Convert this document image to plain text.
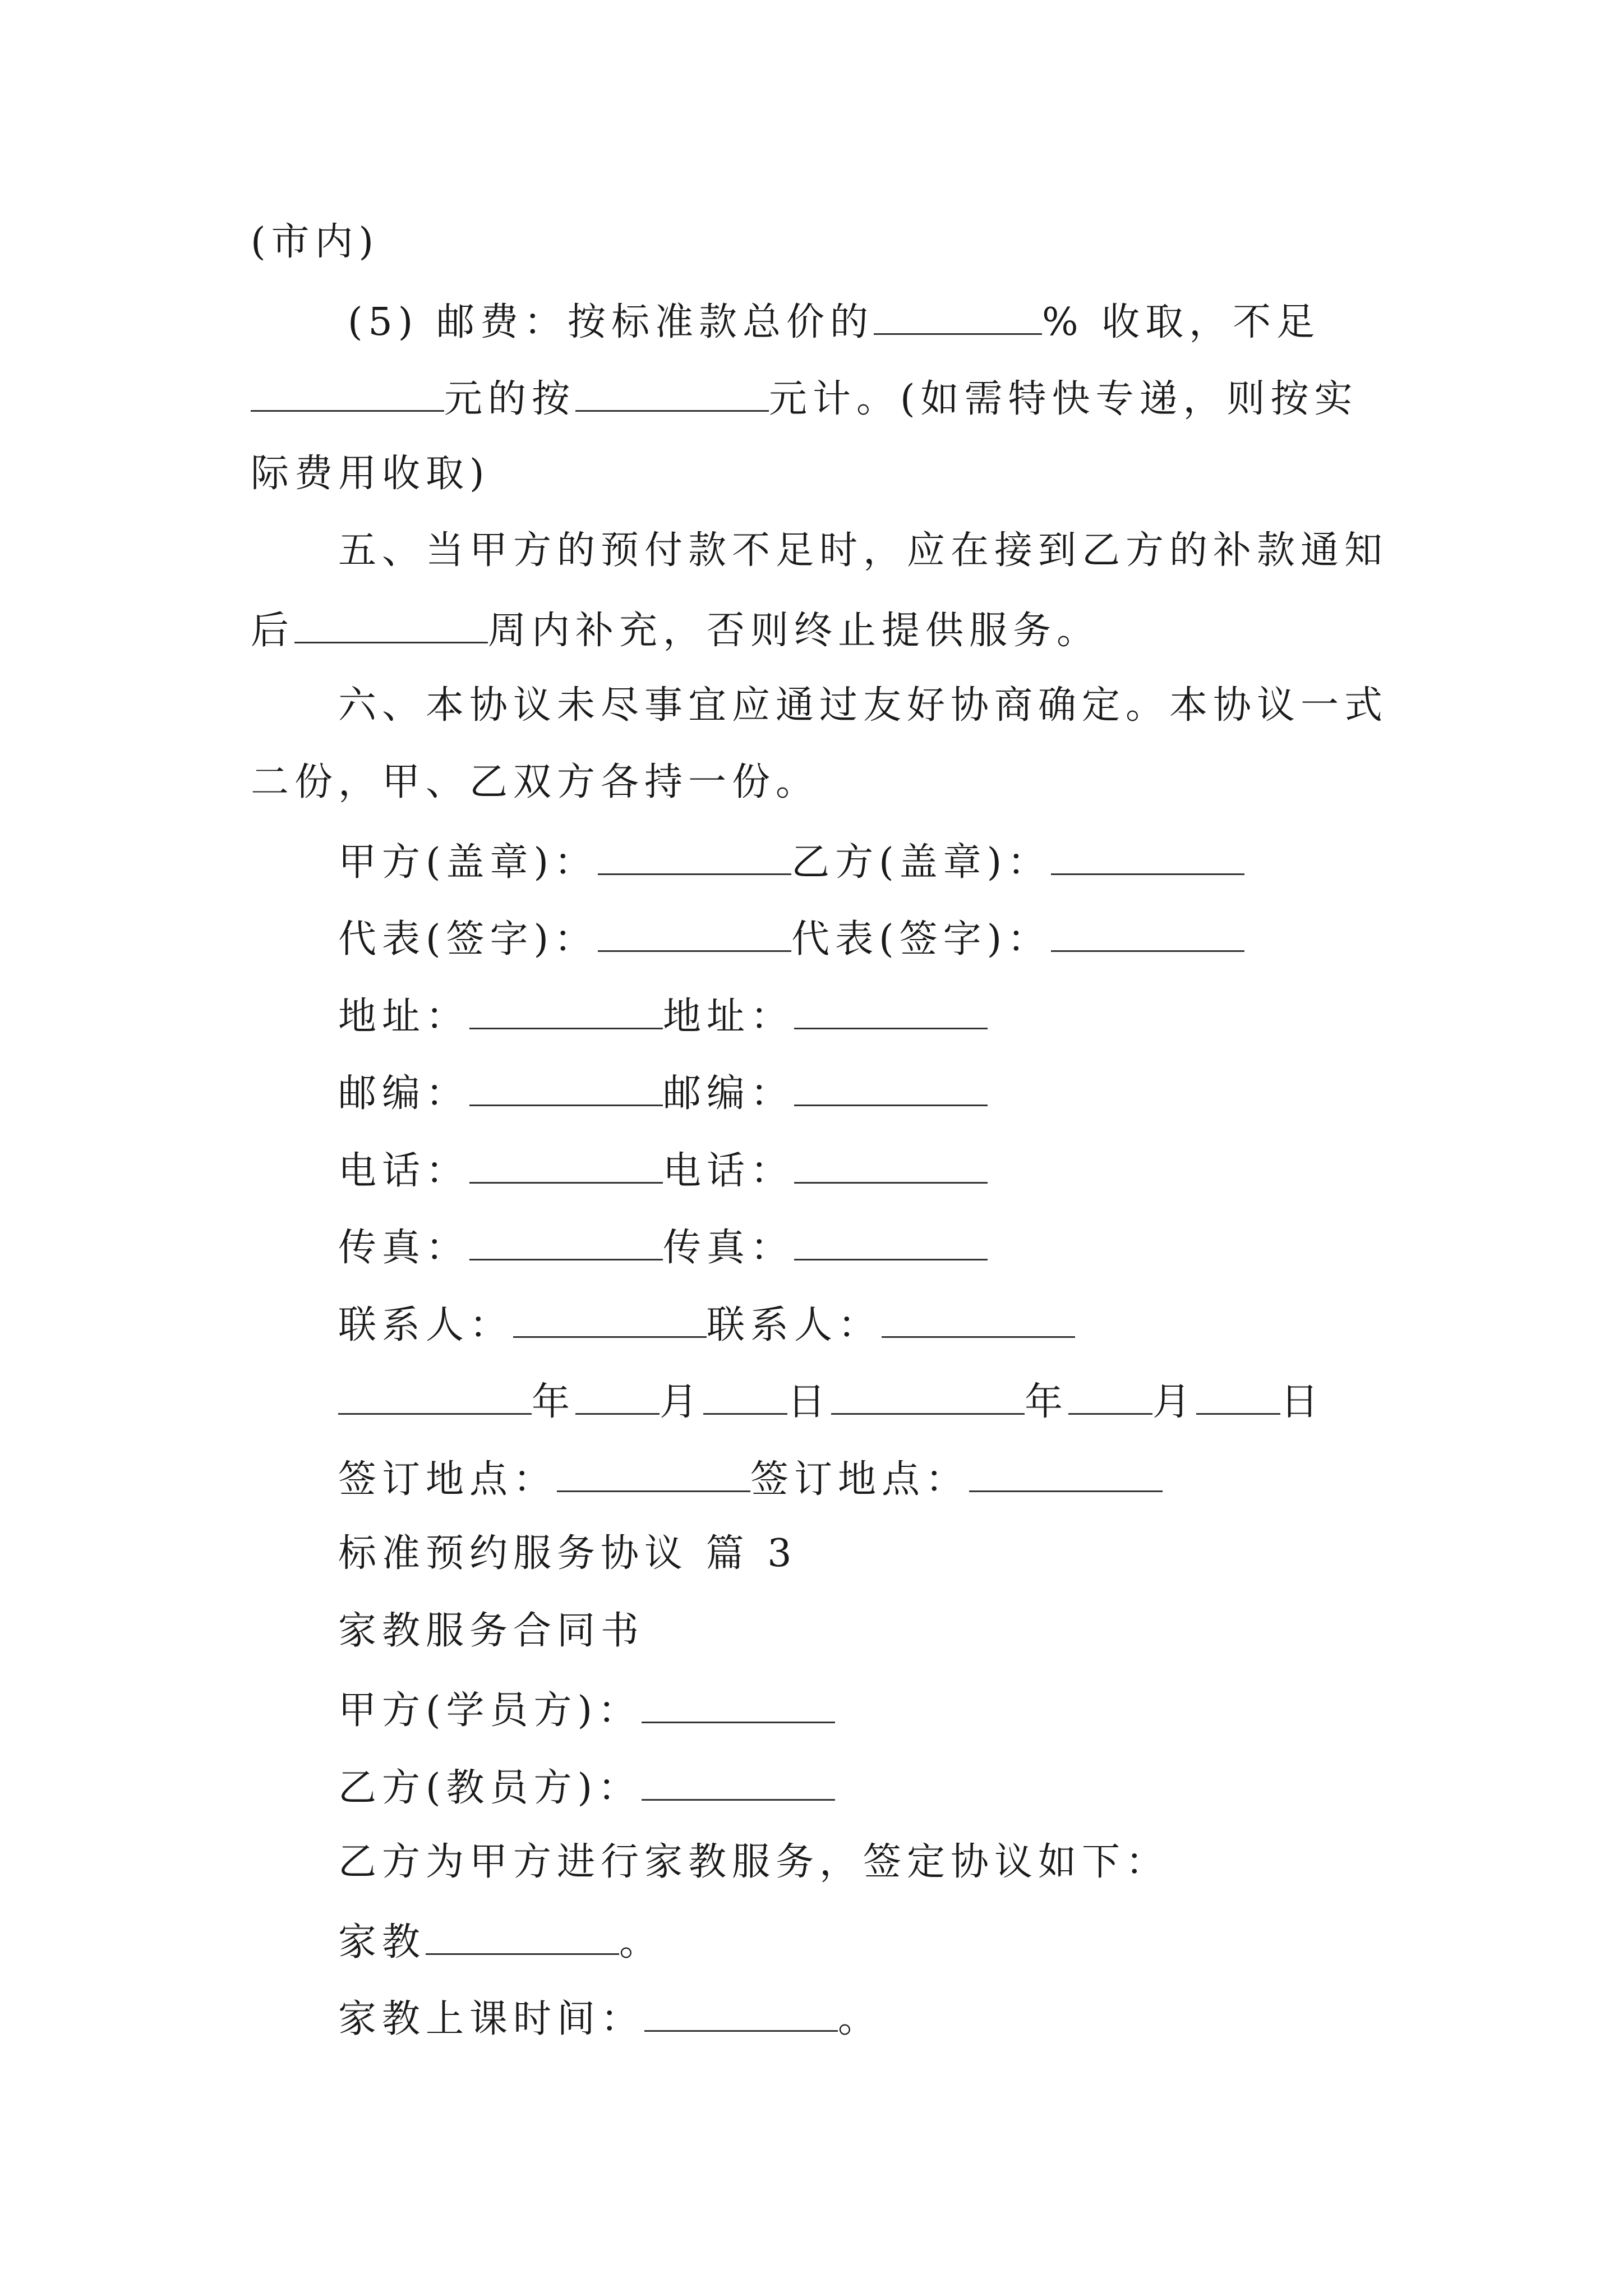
(市内)
(5) 邮费：按标准款总价的	% 收取，不足
元的按	元计。(如需特快专递，则按实
际费用收取)
五、当甲方的预付款不足时，应在接到乙方的补款通知
后	周内补充，否则终止提供服务。
六、本协议未尽事宜应通过友好协商确定。本协议一式
二份，甲、乙双方各持一份。
甲方(盖章)：	乙方(盖章)：
代表(签字)：	代表(签字)：
地址：	地址：
邮编：	邮编：
电话：	电话：
传真：	传真：
联系人：	联系人：
年 月 日	年 月 日
签订地点：	签订地点：
标准预约服务协议 篇 3
家教服务合同书
甲方(学员方)：
乙方(教员方)：
乙方为甲方进行家教服务，签定协议如下：
家教	。
家教上课时间：	。
